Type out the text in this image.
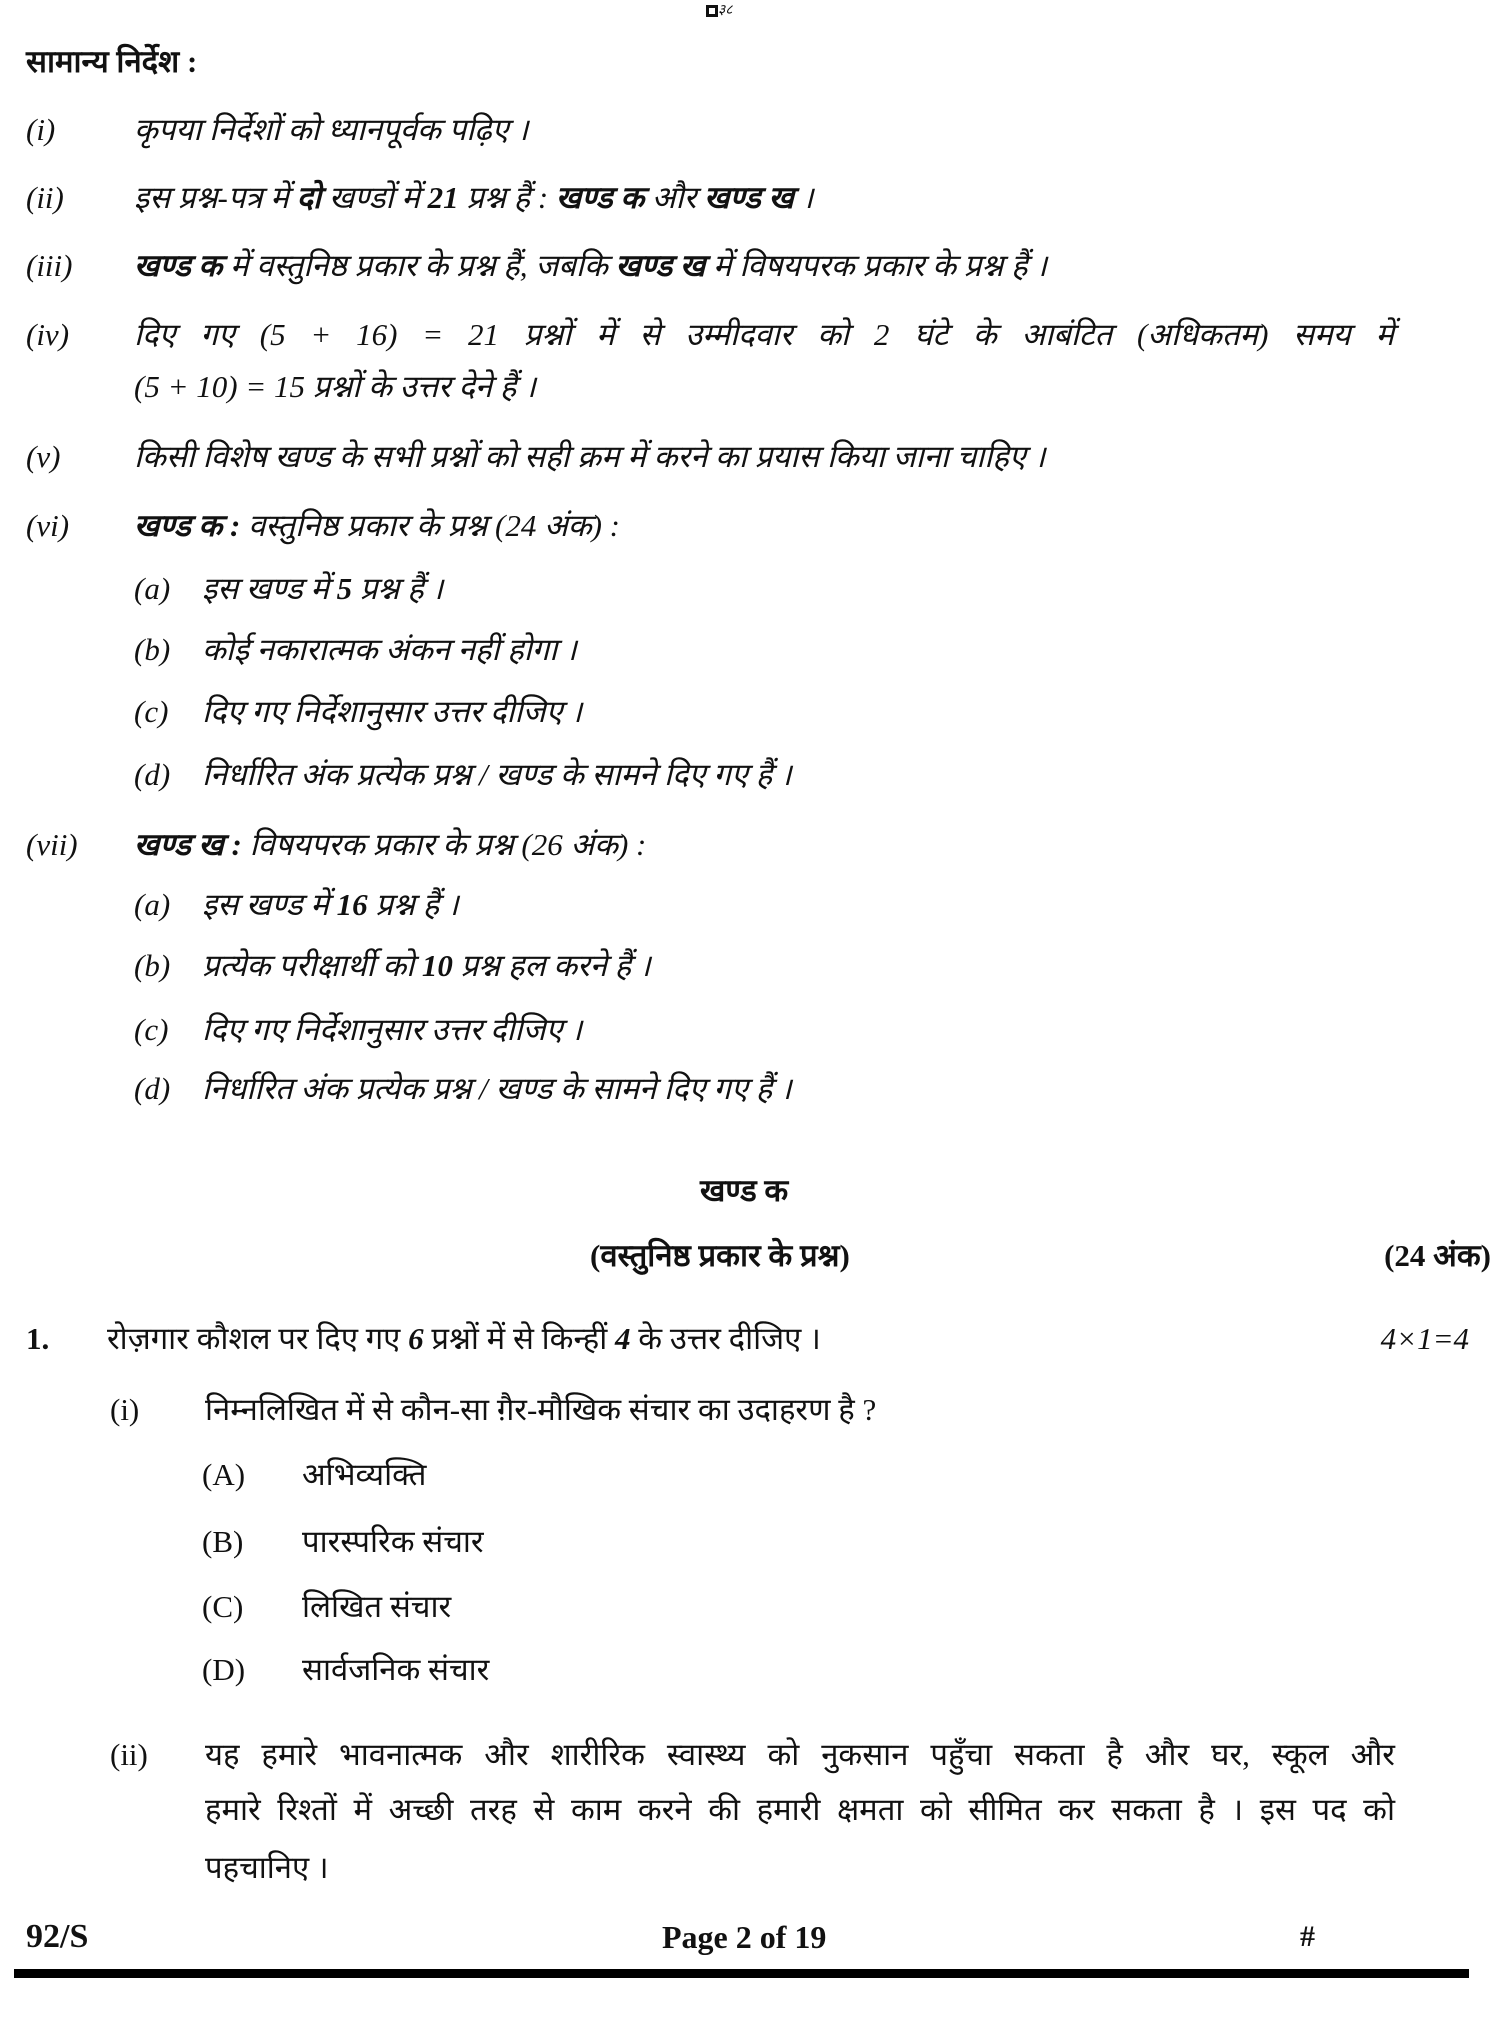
३८
सामान्य निर्देश :
(i)	कृपया निर्देशों को ध्यानपूर्वक पढ़िए ।
(ii) इस प्रश्न-पत्र में दो खण्डों में 21 प्रश्न हैं : खण्ड क और खण्ड ख ।
(iii) खण्ड क में वस्तुनिष्ठ प्रकार के प्रश्न हैं, जबकि खण्ड ख में विषयपरक प्रकार के प्रश्न हैं ।
(iv) दिए गए (5 + 16) = 21 प्रश्नों में से उम्मीदवार को 2 घंटे के आबंटित (अधिकतम) समय में
(5 + 10) = 15 प्रश्नों के उत्तर देने हैं ।
(v) किसी विशेष खण्ड के सभी प्रश्नों को सही क्रम में करने का प्रयास किया जाना चाहिए ।
(vi) खण्ड क : वस्तुनिष्ठ प्रकार के प्रश्न (24 अंक) :
(a) इस खण्ड में 5 प्रश्न हैं ।
(b) कोई नकारात्मक अंकन नहीं होगा ।
(c) दिए गए निर्देशानुसार उत्तर दीजिए ।
(d) निर्धारित अंक प्रत्येक प्रश्न / खण्ड के सामने दिए गए हैं ।
(vii) खण्ड ख : विषयपरक प्रकार के प्रश्न (26 अंक) :
(a) इस खण्ड में 16 प्रश्न हैं ।
(b) प्रत्येक परीक्षार्थी को 10 प्रश्न हल करने हैं ।
(c) दिए गए निर्देशानुसार उत्तर दीजिए ।
(d) निर्धारित अंक प्रत्येक प्रश्न / खण्ड के सामने दिए गए हैं ।
खण्ड क
(वस्तुनिष्ठ प्रकार के प्रश्न)	(24 अंक)
1. रोज़गार कौशल पर दिए गए 6 प्रश्नों में से किन्हीं 4 के उत्तर दीजिए ।	4×1=4
(i) निम्नलिखित में से कौन-सा ग़ैर-मौखिक संचार का उदाहरण है ?
(A) अभिव्यक्ति
(B) पारस्परिक संचार
(C) लिखित संचार
(D) सार्वजनिक संचार
(ii) यह हमारे भावनात्मक और शारीरिक स्वास्थ्य को नुकसान पहुँचा सकता है और घर, स्कूल और
हमारे रिश्तों में अच्छी तरह से काम करने की हमारी क्षमता को सीमित कर सकता है । इस पद को
पहचानिए ।
92/S	Page 2 of 19	#
